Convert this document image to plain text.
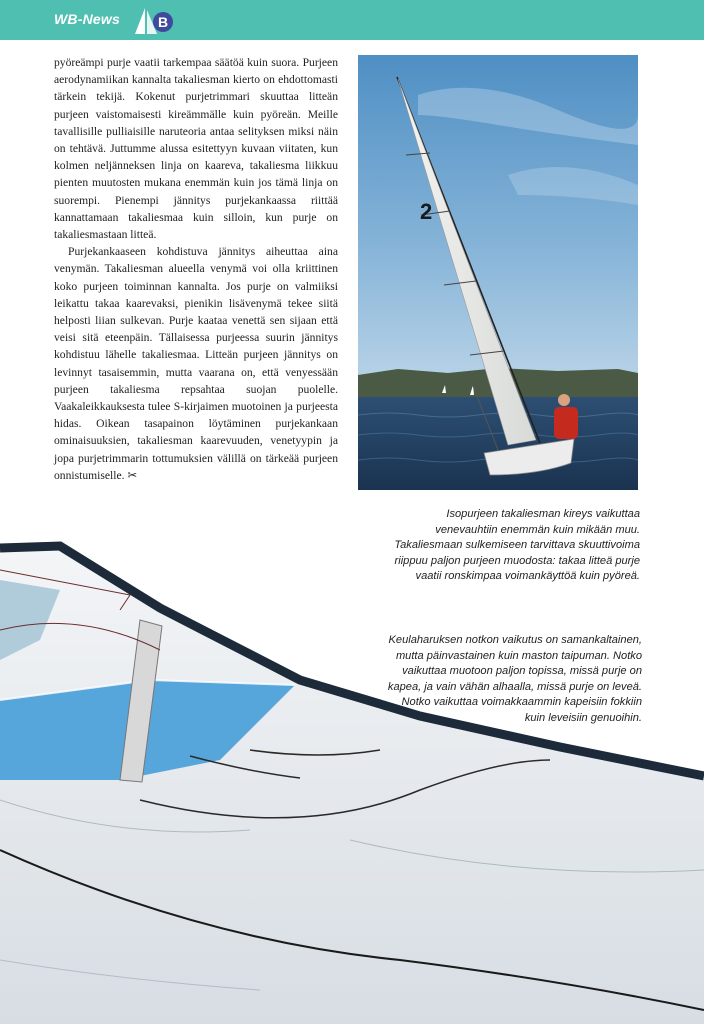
WB-News	B

pyöreämpi purje vaatii tarkempaa säätöä kuin suora. Purjeen aerodynamiikan kannalta takaliesman kierto on ehdottomasti tärkein tekijä. Kokenut purjetrimmari skuuttaa litteän purjeen vaistomaisesti kireämmälle kuin pyöreän. Meille tavallisille pulliaisille naruteoria antaa selityksen miksi näin on tehtävä. Juttumme alussa esitettyyn kuvaan viitaten, kun kolmen neljänneksen linja on kaareva, takaliesma liikkuu pienten muutosten mukana enemmän kuin jos tämä linja on suorempi. Pienempi jännitys purjekankaassa riittää kannattamaan takaliesmaa kuin silloin, kun purje on takaliesmastaan litteä.

Purjekankaaseen kohdistuva jännitys aiheuttaa aina venymän. Takaliesman alueella venymä voi olla kriittinen koko purjeen toiminnan kannalta. Jos purje on valmiiksi leikattu takaa kaarevaksi, pienikin lisävenymä tekee siitä helposti liian sulkevan. Purje kaataa venettä sen sijaan että veisi sitä eteenpäin. Tällaisessa purjeessa suurin jännitys kohdistuu lähelle takaliesmaa. Litteän purjeen jännitys on levinnyt tasaisemmin, mutta vaarana on, että venyessään purjeen takaliesma repsahtaa suojan puolelle. Vaakaleikkauksesta tulee S-kirjaimen muotoinen ja purjeesta hidas. Oikean tasapainon löytäminen purjekankaan ominaisuuksien, takaliesman kaarevuuden, venetyypin ja jopa purjetrimmarin tottumuksien välillä on tärkeää purjeen onnistumiselle. ✂

2
Isopurjeen takaliesman kireys vaikuttaa venevauhtiin enemmän kuin mikään muu. Takaliesmaan sulkemiseen tarvittava skuuttivoima riippuu paljon purjeen muodosta: takaa litteä purje vaatii ronskimpaa voimankäyttöä kuin pyöreä.
Keulaharuksen notkon vaikutus on samankaltainen, mutta päinvastainen kuin maston taipuman. Notko vaikuttaa muotoon paljon topissa, missä purje on kapea, ja vain vähän alhaalla, missä purje on leveä. Notko vaikuttaa voimakkaammin kapeisiin fokkiin kuin leveisiin genuoihin.
